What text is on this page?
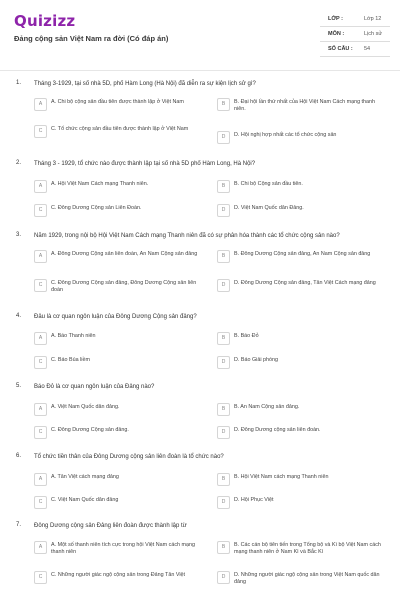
Quizizz
Đảng cộng sản Việt Nam ra đời (Có đáp án)
LỚP :	Lớp 12
MÔN :	Lịch sử
SỐ CÂU : 54
1. Tháng 3-1929, tại số nhà 5D, phố Hàm Long (Hà Nội) đã diễn ra sự kiện lịch sử gì?
A	A. Chi bộ cộng sản đầu tiên được thành lập ở Việt Nam	B	B. Đại hội lần thứ nhất của Hội Việt Nam Cách mạng thanh niên.
C	C. Tổ chức cộng sản đầu tiên được thành lập ở Việt Nam
D	D. Hội nghị hợp nhất các tổ chức cộng sản
2. Tháng 3 - 1929, tổ chức nào được thành lập tại số nhà 5D phố Hàm Long, Hà Nội?
A	A. Hội Việt Nam Cách mạng Thanh niên.	B	B. Chi bộ Cộng sản đầu tiên.
C	C. Đông Dương Cộng sản Liên Đoàn.	D	D. Việt Nam Quốc dân Đảng.
3. Năm 1929, trong nội bộ Hội Việt Nam Cách mạng Thanh niên đã có sự phân hóa thành các tổ chức cộng sản nào?
A	A. Đông Dương Cộng sản liên đoàn, An Nam Cộng sản đảng	B	B. Đông Dương Cộng sản đảng, An Nam Cộng sản đảng
C	C. Đông Dương Cộng sản đảng, Đông Dương Cộng sản liên đoàn
D	D. Đông Dương Cộng sản đảng, Tân Việt Cách mạng đảng
4. Đâu là cơ quan ngôn luận của Đông Dương Cộng sản đảng?
A	A. Báo Thanh niên	B	B. Báo Đỏ
C	C. Báo Búa liềm	D	D. Báo Giải phóng
5. Báo Đỏ là cơ quan ngôn luận của Đảng nào?
A	A. Việt Nam Quốc dân đảng.	B	B. An Nam Cộng sản đảng.
C	C. Đông Dương Cộng sản đảng.	D	D. Đông Dương cộng sản liên đoàn.
6. Tổ chức tiền thân của Đông Dương cộng sản liên đoàn là tổ chức nào?
A	A. Tân Việt cách mạng đảng	B	B. Hội Việt Nam cách mạng Thanh niên
C	C. Việt Nam Quốc dân đảng	D	D. Hội Phục Việt
7. Đông Dương cộng sản Đảng liên đoàn được thành lập từ
A	A. Một số thanh niên tích cực trong hội Việt Nam cách mạng thanh niên
B	B. Các cán bộ tiên tiến trong Tổng bộ và Kì bộ Việt Nam cách mạng thanh niên ở Nam Kì và Bắc Kì
C	C. Những người giác ngộ cộng sản trong Đảng Tân Việt	D	D. Những người giác ngộ cộng sản trong Việt Nam quốc dân đảng
